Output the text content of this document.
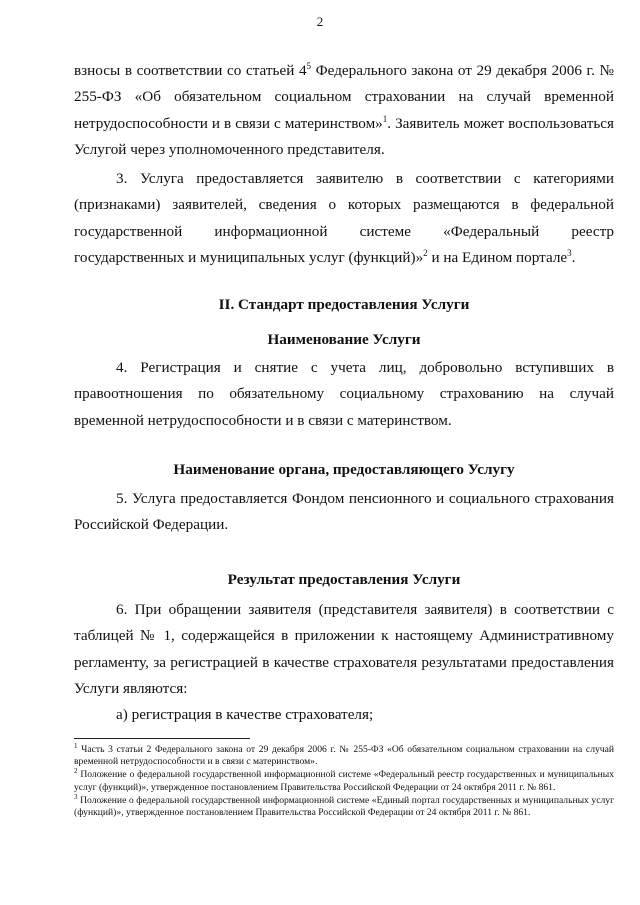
2

взносы в соответствии со статьей $4^5$ Федерального закона от 29 декабря 2006 г. № 255-ФЗ «Об обязательном социальном страховании на случай временной нетрудоспособности и в связи с материнством»$^1$. Заявитель может воспользоваться Услугой через уполномоченного представителя.

3. Услуга предоставляется заявителю в соответствии с категориями (признаками) заявителей, сведения о которых размещаются в федеральной государственной информационной системе «Федеральный реестр государственных и муниципальных услуг (функций)»$^2$ и на Едином портале$^3$.

II. Стандарт предоставления Услуги

Наименование Услуги

4. Регистрация и снятие с учета лиц, добровольно вступивших в правоотношения по обязательному социальному страхованию на случай временной нетрудоспособности и в связи с материнством.

Наименование органа, предоставляющего Услугу

5. Услуга предоставляется Фондом пенсионного и социального страхования Российской Федерации.

Результат предоставления Услуги

6. При обращении заявителя (представителя заявителя) в соответствии с таблицей № 1, содержащейся в приложении к настоящему Административному регламенту, за регистрацией в качестве страхователя результатами предоставления Услуги являются:

а) регистрация в качестве страхователя;

$^1$ Часть 3 статьи 2 Федерального закона от 29 декабря 2006 г. № 255-ФЗ «Об обязательном социальном страховании на случай временной нетрудоспособности и в связи с материнством».

$^2$ Положение о федеральной государственной информационной системе «Федеральный реестр государственных и муниципальных услуг (функций)», утвержденное постановлением Правительства Российской Федерации от 24 октября 2011 г. № 861.

$^3$ Положение о федеральной государственной информационной системе «Единый портал государственных и муниципальных услуг (функций)», утвержденное постановлением Правительства Российской Федерации от 24 октября 2011 г. № 861.
